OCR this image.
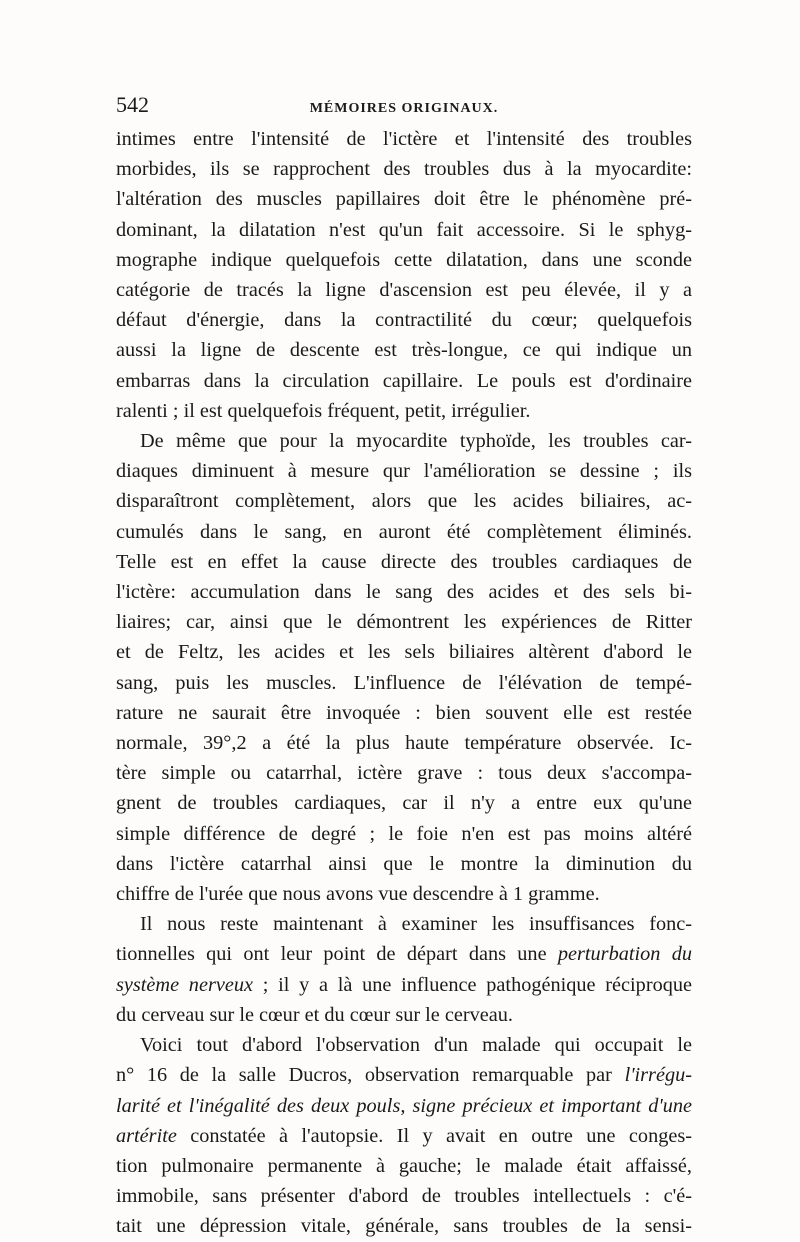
542	MÉMOIRES ORIGINAUX.

intimes entre l'intensité de l'ictère et l'intensité des troubles
morbides, ils se rapprochent des troubles dus à la myocardite:
l'altération des muscles papillaires doit être le phénomène pré-
dominant, la dilatation n'est qu'un fait accessoire. Si le sphyg-
mographe indique quelquefois cette dilatation, dans une sconde
catégorie de tracés la ligne d'ascension est peu élevée, il y a
défaut d'énergie, dans la contractilité du cœur; quelquefois
aussi la ligne de descente est très-longue, ce qui indique un
embarras dans la circulation capillaire. Le pouls est d'ordinaire
ralenti ; il est quelquefois fréquent, petit, irrégulier.

De même que pour la myocardite typhoïde, les troubles car-
diaques diminuent à mesure qur l'amélioration se dessine ; ils
disparaîtront complètement, alors que les acides biliaires, ac-
cumulés dans le sang, en auront été complètement éliminés.
Telle est en effet la cause directe des troubles cardiaques de
l'ictère: accumulation dans le sang des acides et des sels bi-
liaires; car, ainsi que le démontrent les expériences de Ritter
et de Feltz, les acides et les sels biliaires altèrent d'abord le
sang, puis les muscles. L'influence de l'élévation de tempé-
rature ne saurait être invoquée : bien souvent elle est restée
normale, 39°,2 a été la plus haute température observée. Ic-
tère simple ou catarrhal, ictère grave : tous deux s'accompa-
gnent de troubles cardiaques, car il n'y a entre eux qu'une
simple différence de degré ; le foie n'en est pas moins altéré
dans l'ictère catarrhal ainsi que le montre la diminution du
chiffre de l'urée que nous avons vue descendre à 1 gramme.

Il nous reste maintenant à examiner les insuffisances fonc-
tionnelles qui ont leur point de départ dans une perturbation du
système nerveux ; il y a là une influence pathogénique réciproque
du cerveau sur le cœur et du cœur sur le cerveau.

Voici tout d'abord l'observation d'un malade qui occupait le
n° 16 de la salle Ducros, observation remarquable par l'irrégu-
larité et l'inégalité des deux pouls, signe précieux et important d'une
artérite constatée à l'autopsie. Il y avait en outre une conges-
tion pulmonaire permanente à gauche; le malade était affaissé,
immobile, sans présenter d'abord de troubles intellectuels : c'é-
tait une dépression vitale, générale, sans troubles de la sensi-
